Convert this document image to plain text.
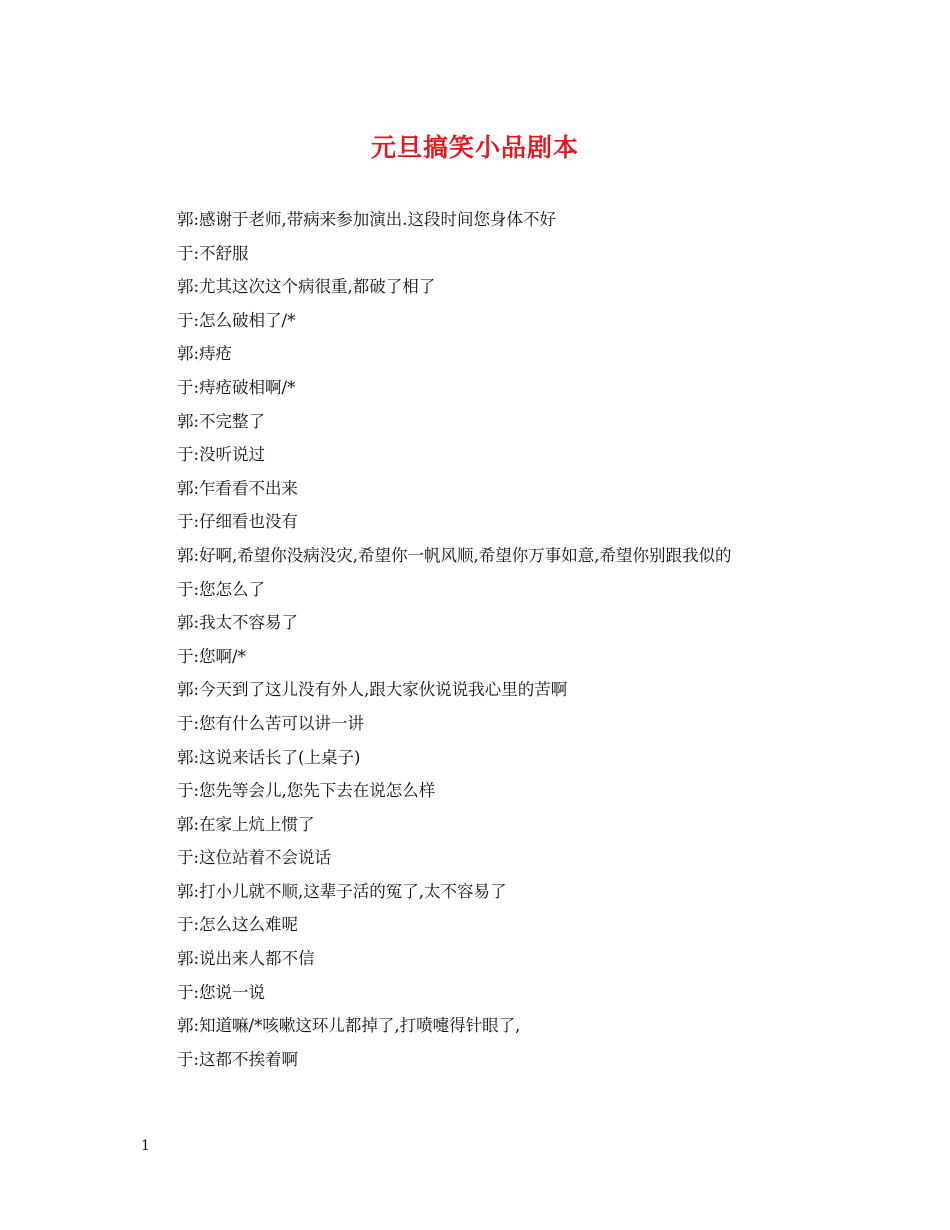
元旦搞笑小品剧本
郭:感谢于老师,带病来参加演出.这段时间您身体不好
于:不舒服
郭:尤其这次这个病很重,都破了相了
于:怎么破相了/*
郭:痔疮
于:痔疮破相啊/*
郭:不完整了
于:没听说过
郭:乍看看不出来
于:仔细看也没有
郭:好啊,希望你没病没灾,希望你一帆风顺,希望你万事如意,希望你别跟我似的
于:您怎么了
郭:我太不容易了
于:您啊/*
郭:今天到了这儿没有外人,跟大家伙说说我心里的苦啊
于:您有什么苦可以讲一讲
郭:这说来话长了(上桌子)
于:您先等会儿,您先下去在说怎么样
郭:在家上炕上惯了
于:这位站着不会说话
郭:打小儿就不顺,这辈子活的冤了,太不容易了
于:怎么这么难呢
郭:说出来人都不信
于:您说一说
郭:知道嘛/*咳嗽这环儿都掉了,打喷嚏得针眼了,
于:这都不挨着啊
1
